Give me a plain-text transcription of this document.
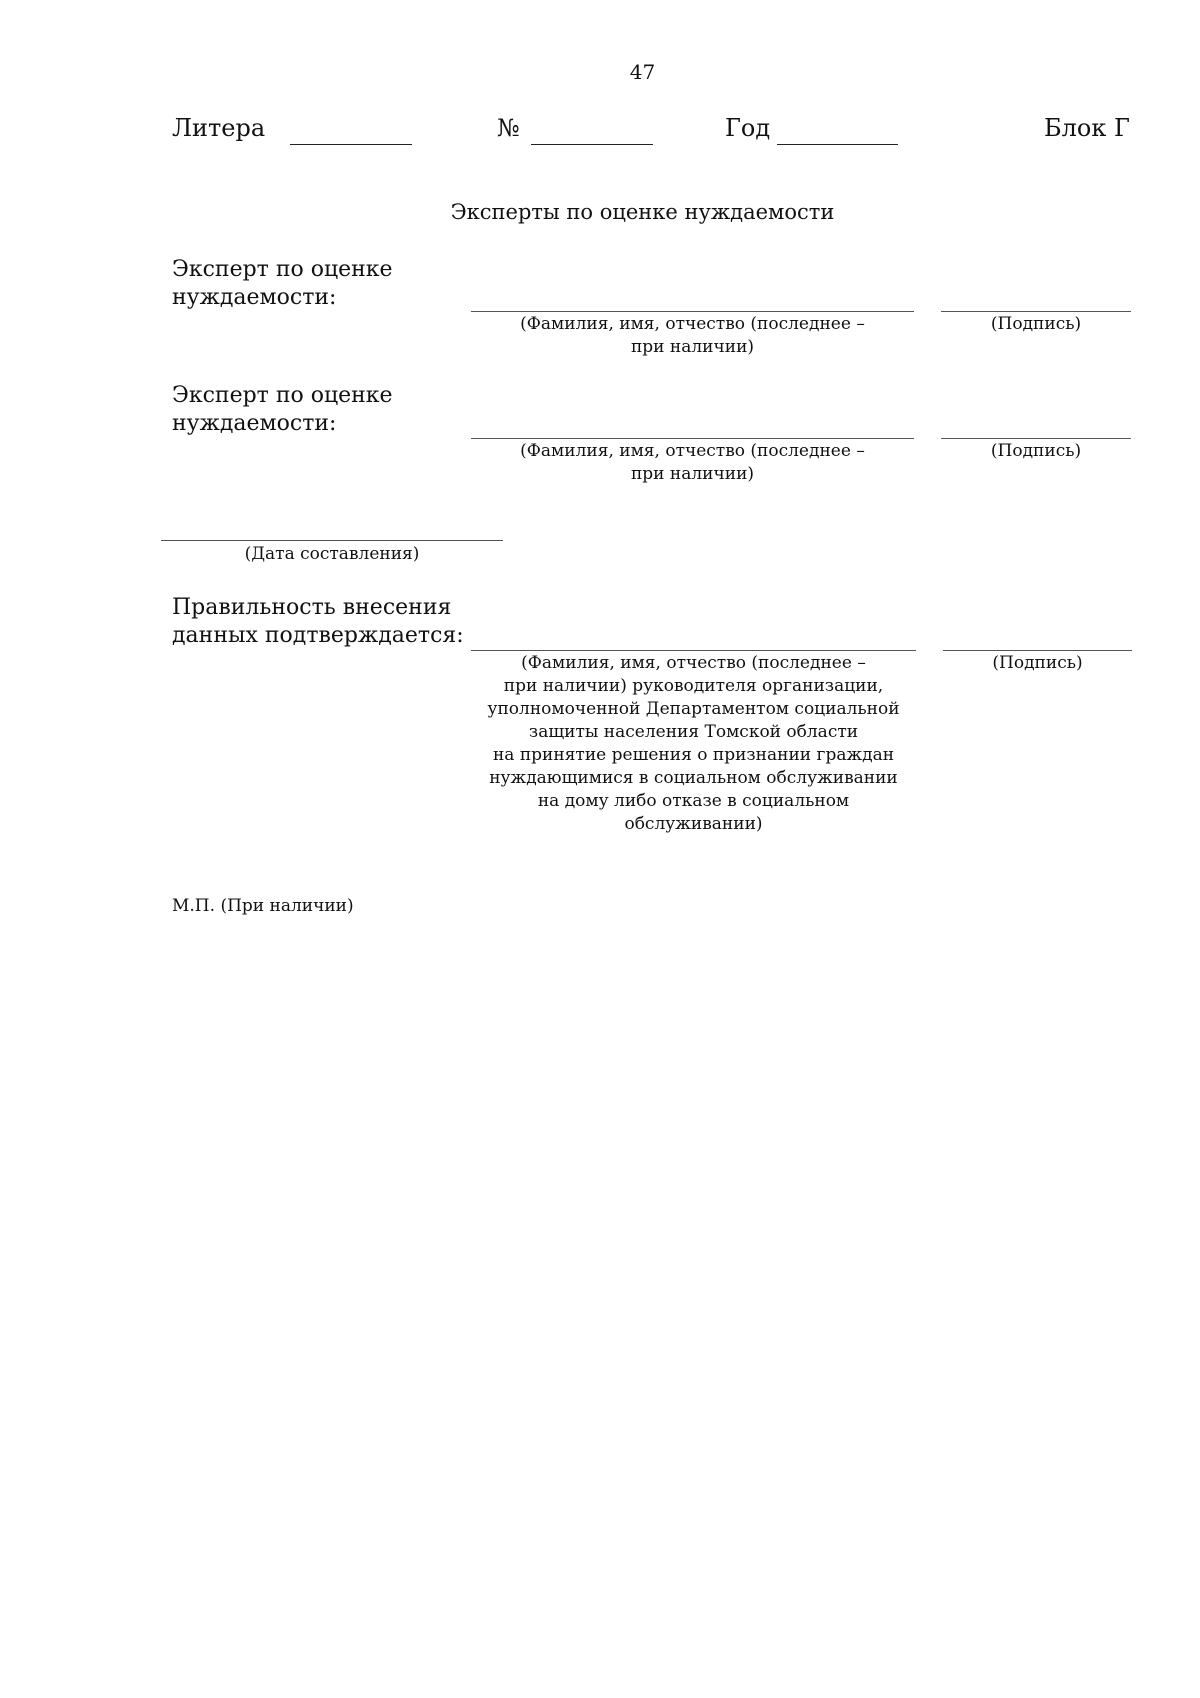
47
Литера	№	Год	Блок Г
Эксперты по оценке нуждаемости
Эксперт по оценке
нуждаемости:
(Фамилия, имя, отчество (последнее –
при наличии)
(Подпись)
Эксперт по оценке
нуждаемости:
(Фамилия, имя, отчество (последнее –
при наличии)
(Подпись)
(Дата составления)
Правильность внесения
данных подтверждается:
(Фамилия, имя, отчество (последнее –
при наличии) руководителя организации,
уполномоченной Департаментом социальной
защиты населения Томской области
на принятие решения о признании граждан
нуждающимися в социальном обслуживании
на дому либо отказе в социальном
обслуживании)
(Подпись)
М.П. (При наличии)
